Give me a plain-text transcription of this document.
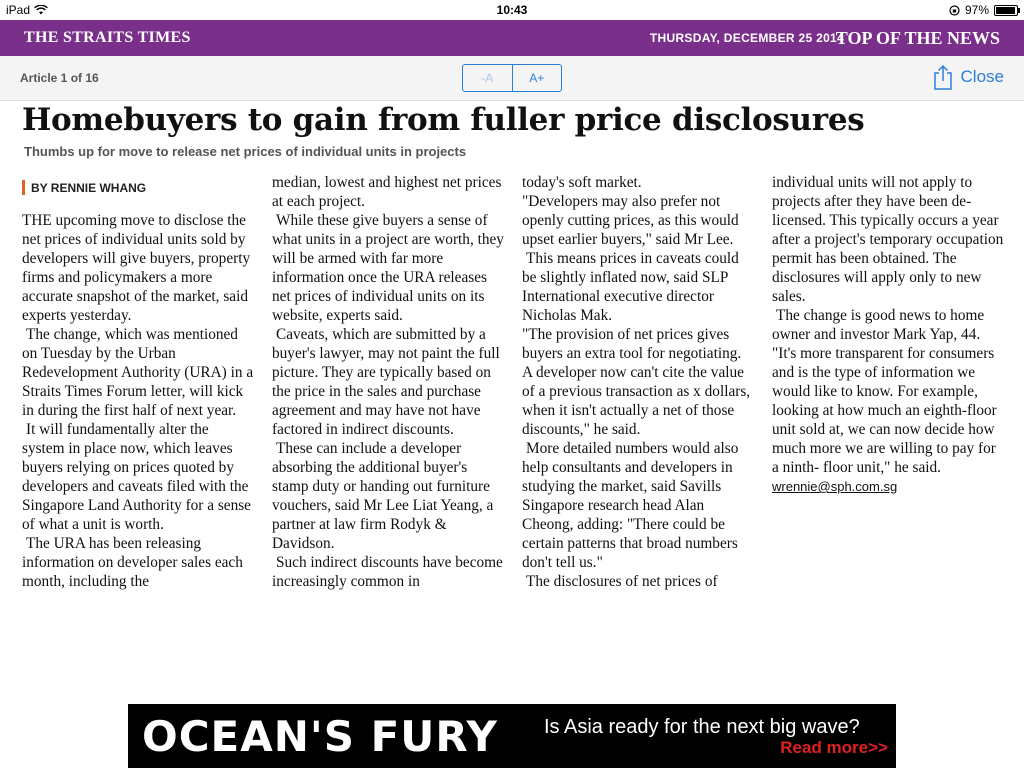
iPad	10:43	97%
THE STRAITS TIMES	THURSDAY, DECEMBER 25 2014
TOP OF THE NEWS
Article 1 of 16	-A	A+	Close
Homebuyers to gain from fuller price disclosures
Thumbs up for move to release net prices of individual units in projects
BY RENNIE WHANG

THE upcoming move to disclose the net prices of individual units sold by developers will give buyers, property firms and policymakers a more accurate snapshot of the market, said experts yesterday.

The change, which was mentioned on Tuesday by the Urban Redevelopment Authority (URA) in a Straits Times Forum letter, will kick in during the first half of next year.

It will fundamentally alter the system in place now, which leaves buyers relying on prices quoted by developers and caveats filed with the Singapore Land Authority for a sense of what a unit is worth.

The URA has been releasing information on developer sales each month, including the

median, lowest and highest net prices at each project.

While these give buyers a sense of what units in a project are worth, they will be armed with far more information once the URA releases net prices of individual units on its website, experts said.

Caveats, which are submitted by a buyer's lawyer, may not paint the full picture. They are typically based on the price in the sales and purchase agreement and may have not have factored in indirect discounts.

These can include a developer absorbing the additional buyer's stamp duty or handing out furniture vouchers, said Mr Lee Liat Yeang, a partner at law firm Rodyk & Davidson.

Such indirect discounts have become increasingly common in

today's soft market.

"Developers may also prefer not openly cutting prices, as this would upset earlier buyers," said Mr Lee.

This means prices in caveats could be slightly inflated now, said SLP International executive director Nicholas Mak.

"The provision of net prices gives buyers an extra tool for negotiating. A developer now can't cite the value of a previous transaction as x dollars, when it isn't actually a net of those discounts," he said.

More detailed numbers would also help consultants and developers in studying the market, said Savills Singapore research head Alan Cheong, adding: "There could be certain patterns that broad numbers don't tell us."

The disclosures of net prices of

individual units will not apply to projects after they have been de-licensed. This typically occurs a year after a project's temporary occupation permit has been obtained. The disclosures will apply only to new sales.

The change is good news to home owner and investor Mark Yap, 44. "It's more transparent for consumers and is the type of information we would like to know. For example, looking at how much an eighth-floor unit sold at, we can now decide how much more we are willing to pay for a ninth- floor unit," he said.

wrennie@sph.com.sg

OCEAN'S FURY Is Asia ready for the next big wave?
Read more>>
